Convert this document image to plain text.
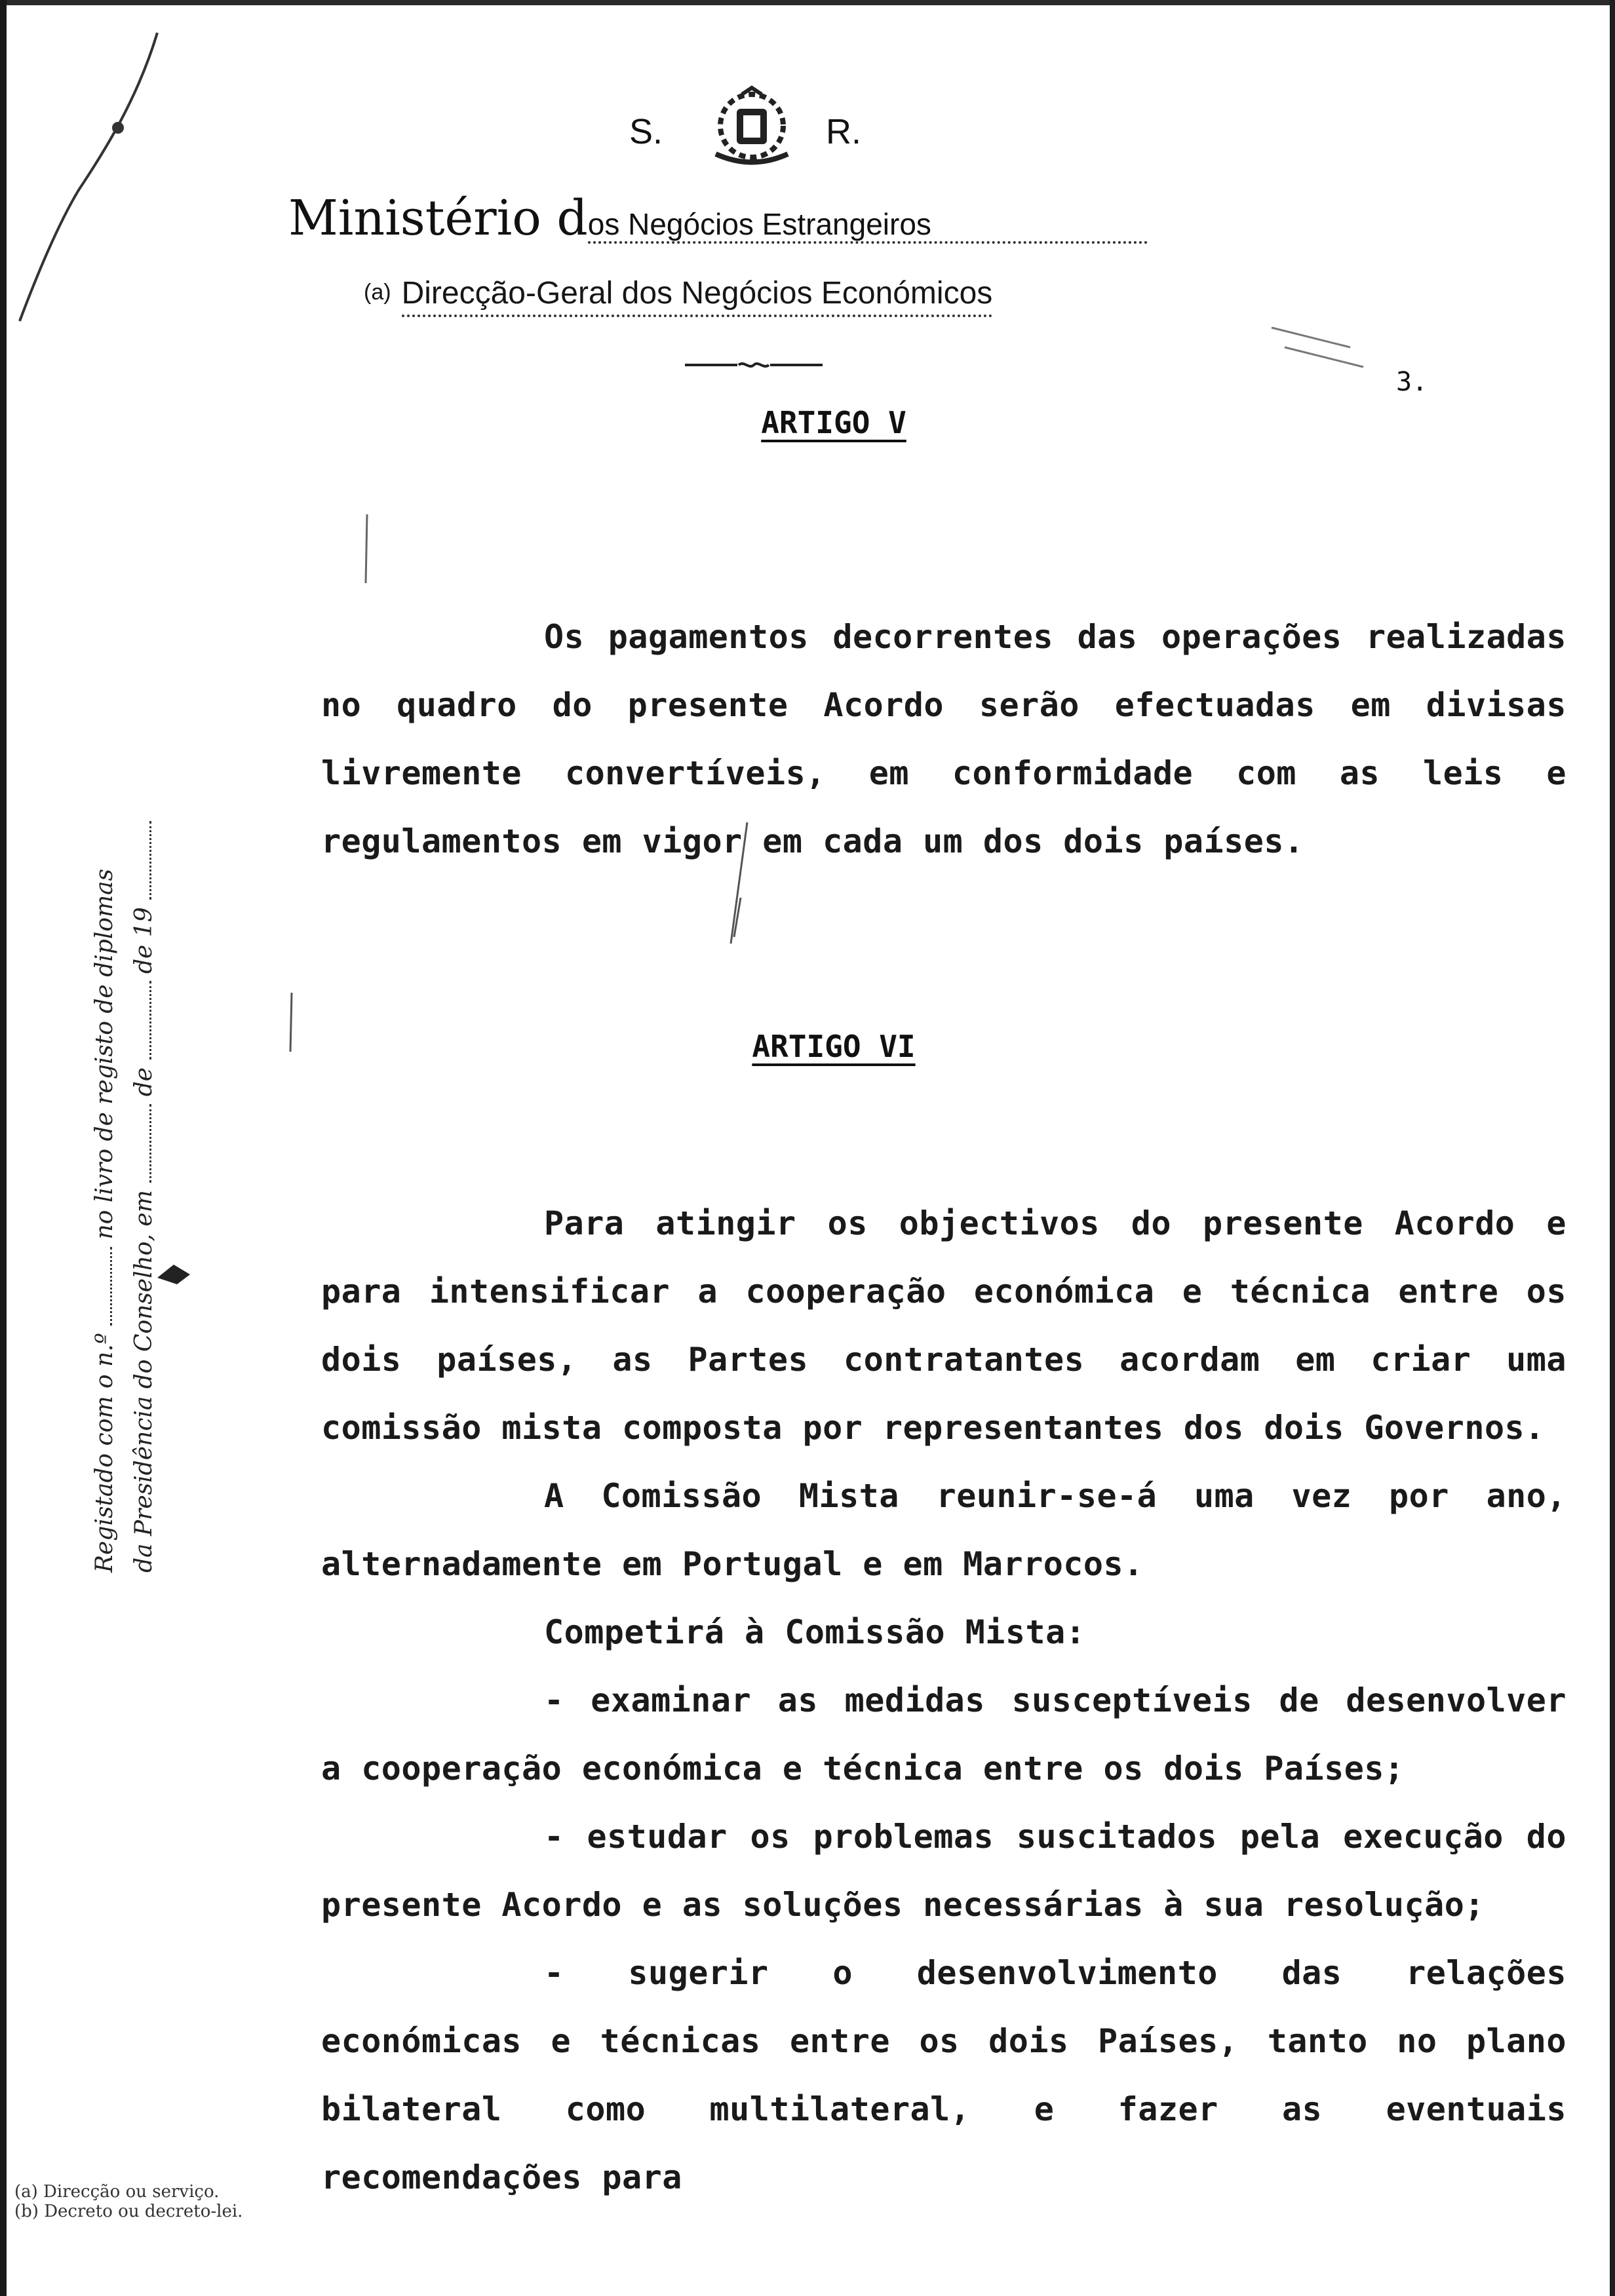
S.	R.
Ministério dos Negócios Estrangeiros
(a) Direcção-Geral dos Negócios Económicos
3.
ARTIGO V

Os pagamentos decorrentes das operações realizadas no quadro do presente Acordo serão efectuadas em divisas livremente convertíveis, em conformidade com as leis e regulamentos em vigor em cada um dos dois países.

ARTIGO VI

Para atingir os objectivos do presente Acordo e para intensificar a cooperação económica e técnica entre os dois países, as Partes contratantes acordam em criar uma comissão mista composta por representantes dos dois Governos.

A Comissão Mista reunir-se-á uma vez por ano, alternadamente em Portugal e em Marrocos.

Competirá à Comissão Mista:

- examinar as medidas susceptíveis de desenvolver a cooperação económica e técnica entre os dois Países;

- estudar os problemas suscitados pela execução do presente Acordo e as soluções necessárias à sua resolução;

- sugerir o desenvolvimento das relações económicas e técnicas entre os dois Países, tanto no plano bilateral como multilateral, e fazer as eventuais recomendações para

Registado com o n.º  no livro de registo de diplomas
da Presidência do Conselho, em  de  de 19
(a) Direcção ou serviço.
(b) Decreto ou decreto-lei.
